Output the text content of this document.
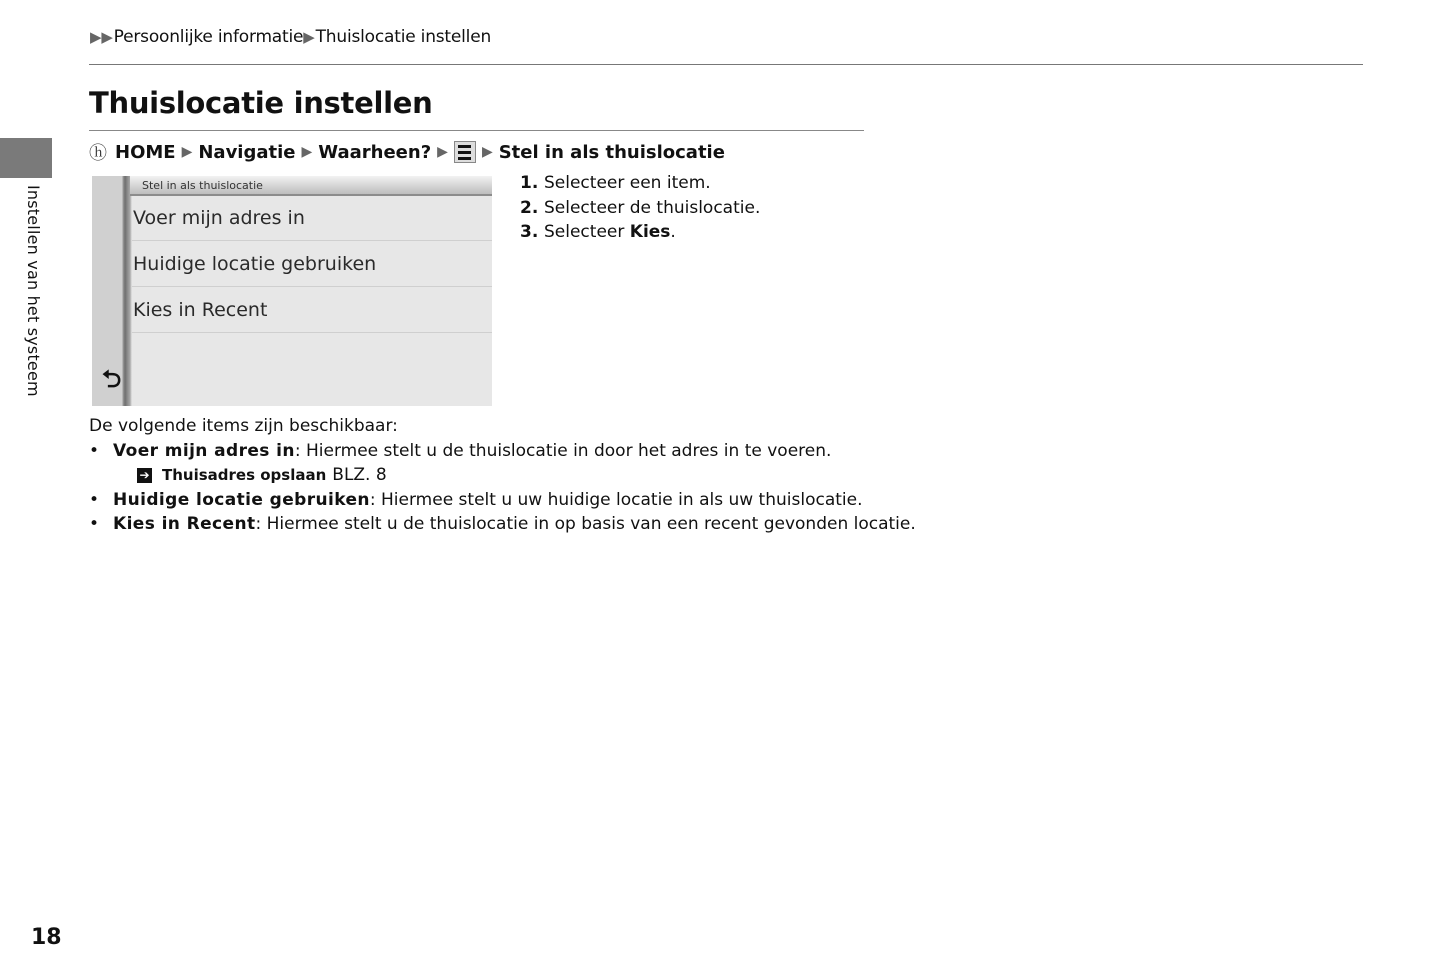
▶▶ Persoonlijke informatie ▶ Thuislocatie instellen
Thuislocatie instellen
Instellen van het systeem
ⓗ HOME ▶ Navigatie ▶ Waarheen? ▶ ▶ Stel in als thuislocatie
Stel in als thuislocatie
Voer mijn adres in
Huidige locatie gebruiken
Kies in Recent
⮌
1. Selecteer een item.
2. Selecteer de thuislocatie.
3. Selecteer Kies.
De volgende items zijn beschikbaar:
• Voer mijn adres in: Hiermee stelt u de thuislocatie in door het adres in te voeren.
➔ Thuisadres opslaan BLZ. 8
• Huidige locatie gebruiken: Hiermee stelt u uw huidige locatie in als uw thuislocatie.
• Kies in Recent: Hiermee stelt u de thuislocatie in op basis van een recent gevonden locatie.
18
